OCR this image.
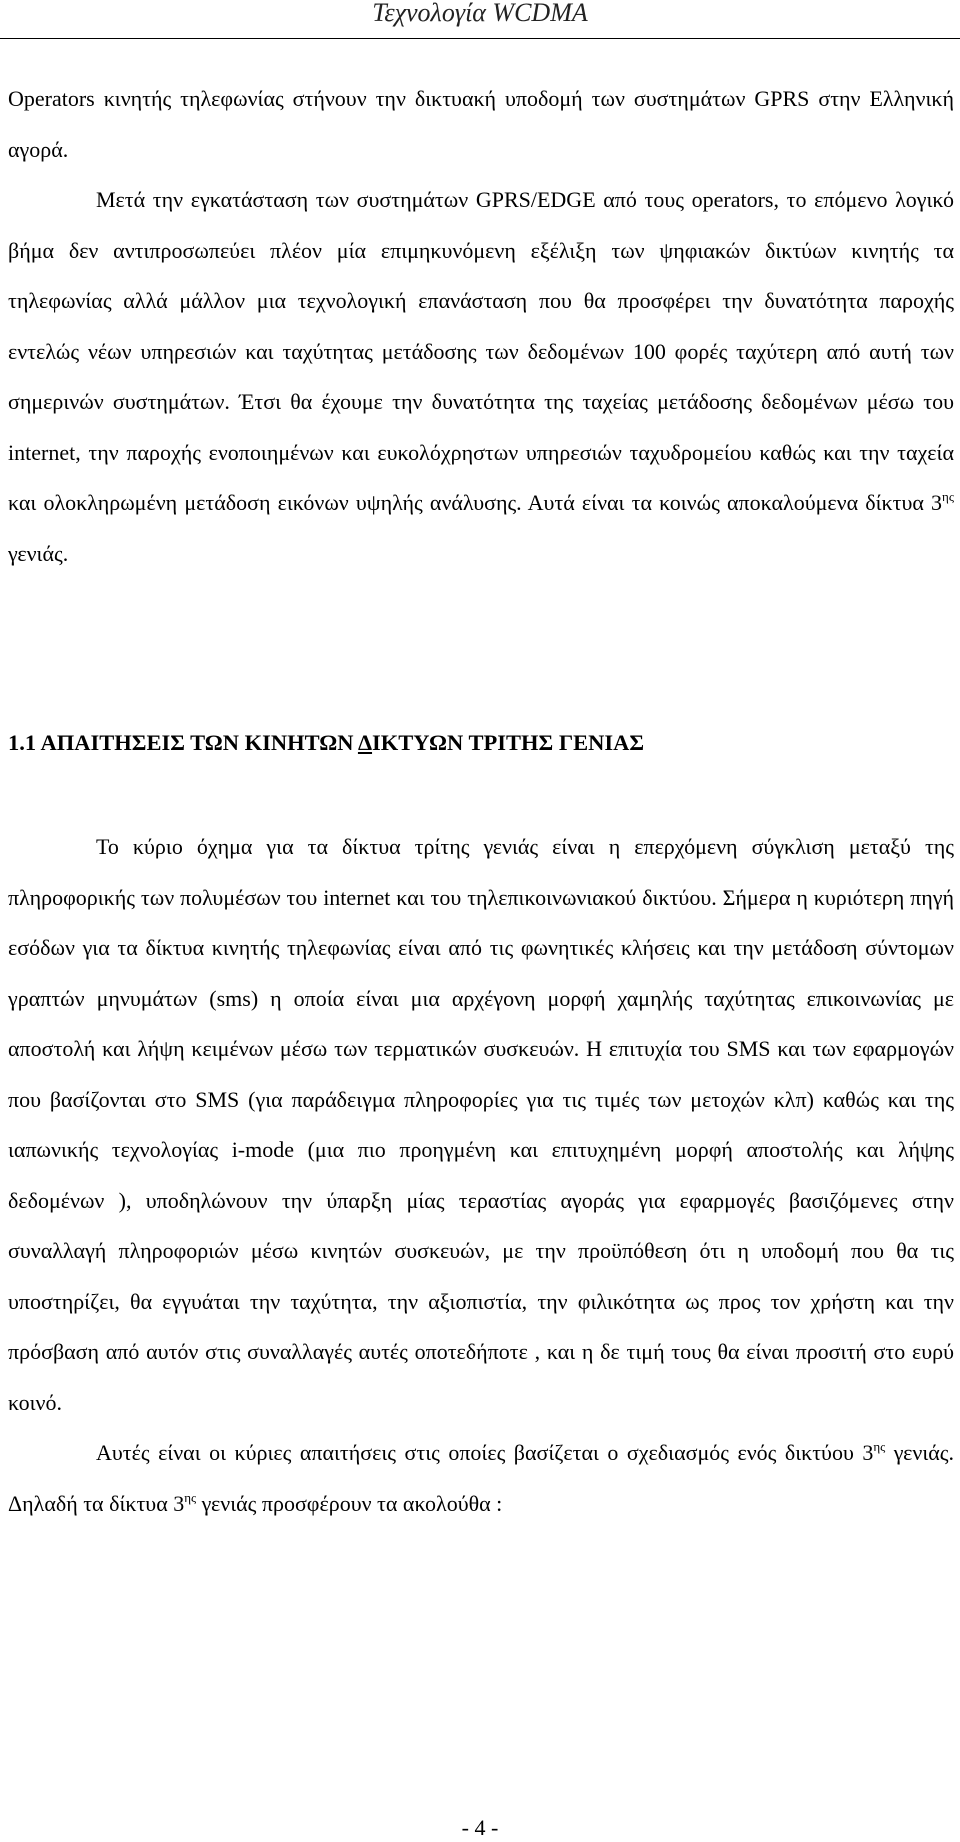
Τεχνολογία WCDMA

Operators κινητής τηλεφωνίας στήνουν την δικτυακή υποδομή των συστημάτων GPRS στην Ελληνική αγορά.

Μετά την εγκατάσταση των συστημάτων GPRS/EDGE από τους operators, το επόμενο λογικό βήμα δεν αντιπροσωπεύει πλέον μία επιμηκυνόμενη εξέλιξη των ψηφιακών δικτύων κινητής τα τηλεφωνίας αλλά μάλλον μια τεχνολογική επανάσταση που θα προσφέρει την δυνατότητα παροχής εντελώς νέων υπηρεσιών και ταχύτητας μετάδοσης των δεδομένων 100 φορές ταχύτερη από αυτή των σημερινών συστημάτων. Έτσι θα έχουμε την δυνατότητα της ταχείας μετάδοσης δεδομένων μέσω του internet, την παροχής ενοποιημένων και ευκολόχρηστων υπηρεσιών ταχυδρομείου καθώς και την ταχεία και ολοκληρωμένη μετάδοση εικόνων υψηλής ανάλυσης. Αυτά είναι τα κοινώς αποκαλούμενα δίκτυα $3^{\eta\varsigma}$ γενιάς.

1.1 ΑΠΑΙΤΗΣΕΙΣ ΤΩΝ ΚΙΝΗΤΩΝ ΔΙΚΤΥΩΝ ΤΡΙΤΗΣ ΓΕΝΙΑΣ

Το κύριο όχημα για τα δίκτυα τρίτης γενιάς είναι η επερχόμενη σύγκλιση μεταξύ της πληροφορικής των πολυμέσων του internet και του τηλεπικοινωνιακού δικτύου. Σήμερα η κυριότερη πηγή εσόδων για τα δίκτυα κινητής τηλεφωνίας είναι από τις φωνητικές κλήσεις και την μετάδοση σύντομων γραπτών μηνυμάτων (sms) η οποία είναι μια αρχέγονη μορφή χαμηλής ταχύτητας επικοινωνίας με αποστολή και λήψη κειμένων μέσω των τερματικών συσκευών. Η επιτυχία του SMS και των εφαρμογών που βασίζονται στο SMS (για παράδειγμα πληροφορίες για τις τιμές των μετοχών κλπ) καθώς και της ιαπωνικής τεχνολογίας i-mode (μια πιο προηγμένη και επιτυχημένη μορφή αποστολής και λήψης δεδομένων ), υποδηλώνουν την ύπαρξη μίας τεραστίας αγοράς για εφαρμογές βασιζόμενες στην συναλλαγή πληροφοριών μέσω κινητών συσκευών, με την προϋπόθεση ότι η υποδομή που θα τις υποστηρίζει, θα εγγυάται την ταχύτητα, την αξιοπιστία, την φιλικότητα ως προς τον χρήστη και την πρόσβαση από αυτόν στις συναλλαγές αυτές οποτεδήποτε , και η δε τιμή τους θα είναι προσιτή στο ευρύ κοινό.

Αυτές είναι οι κύριες απαιτήσεις στις οποίες βασίζεται ο σχεδιασμός ενός δικτύου $3^{\eta\varsigma}$ γενιάς. Δηλαδή τα δίκτυα $3^{\eta\varsigma}$ γενιάς προσφέρουν τα ακολούθα :

- 4 -
